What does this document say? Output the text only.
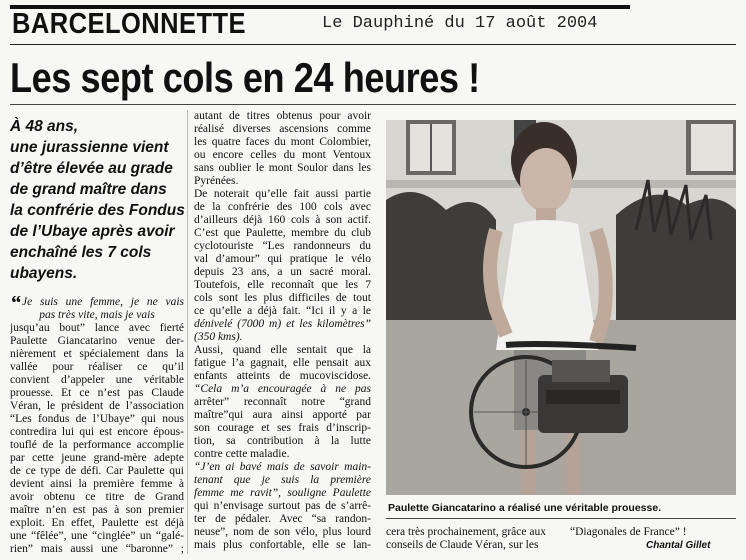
BARCELONNETTE	Le Dauphiné du 17 août 2004
Les sept cols en 24 heures !
À 48 ans,
une jurassienne vient
d’être élevée au grade
de grand maître dans
la confrérie des Fondus
de l’Ubaye après avoir
enchaîné les 7 cols
ubayens.
“Je suis une femme, je ne vais
pas très vite, mais je vais
jusqu’au bout” lance avec fierté
Paulette Giancatarino venue der-
nièrement et spécialement dans la
vallée pour réaliser ce qu’il
convient d’appeler une véritable
prouesse. Et ce n’est pas Claude
Véran, le président de l’association
“Les fondus de l’Ubaye” qui nous
contredira lui qui est encore épous-
touflé de la performance accomplie
par cette jeune grand-mère adepte
de ce type de défi. Car Paulette qui
devient ainsi la première femme à
avoir obtenu ce titre de Grand
maître n’en est pas à son premier
exploit. En effet, Paulette est déjà
une “fêlée”, une “cinglée” un “galé-
rien” mais aussi une “baronne” ;
autant de titres obtenus pour avoir
réalisé diverses ascensions comme
les quatre faces du mont Colombier,
ou encore celles du mont Ventoux
sans oublier le mont Soulor dans les
Pyrénées.
De noterait qu’elle fait aussi partie
de la confrérie des 100 cols avec
d’ailleurs déjà 160 cols à son actif.
C’est que Paulette, membre du club
cyclotouriste “Les randonneurs du
val d’amour” qui pratique le vélo
depuis 23 ans, a un sacré moral.
Toutefois, elle reconnaît que les 7
cols sont les plus difficiles de tout
ce qu’elle a déjà fait. “Ici il y a le
dénivelé (7000 m) et les kilomètres”
(350 kms).
Aussi, quand elle sentait que la
fatigue l’a gagnait, elle pensait aux
enfants atteints de mucoviscidose.
“Cela m’a encouragée à ne pas
arrêter” reconnaît notre “grand
maître”qui aura ainsi apporté par
son courage et ses frais d’inscrip-
tion, sa contribution à la lutte
contre cette maladie.
“J’en ai bavé mais de savoir main-
tenant que je suis la première
femme me ravit”, souligne Paulette
qui n’envisage surtout pas de s’arrê-
ter de pédaler. Avec “sa randon-
neuse”, nom de son vélo, plus lourd
mais plus confortable, elle se lan-
Paulette Giancatarino a réalisé une véritable prouesse.
cera très prochainement, grâce aux
conseils de Claude Véran, sur les
“Diagonales de France” !
Chantal Gillet
